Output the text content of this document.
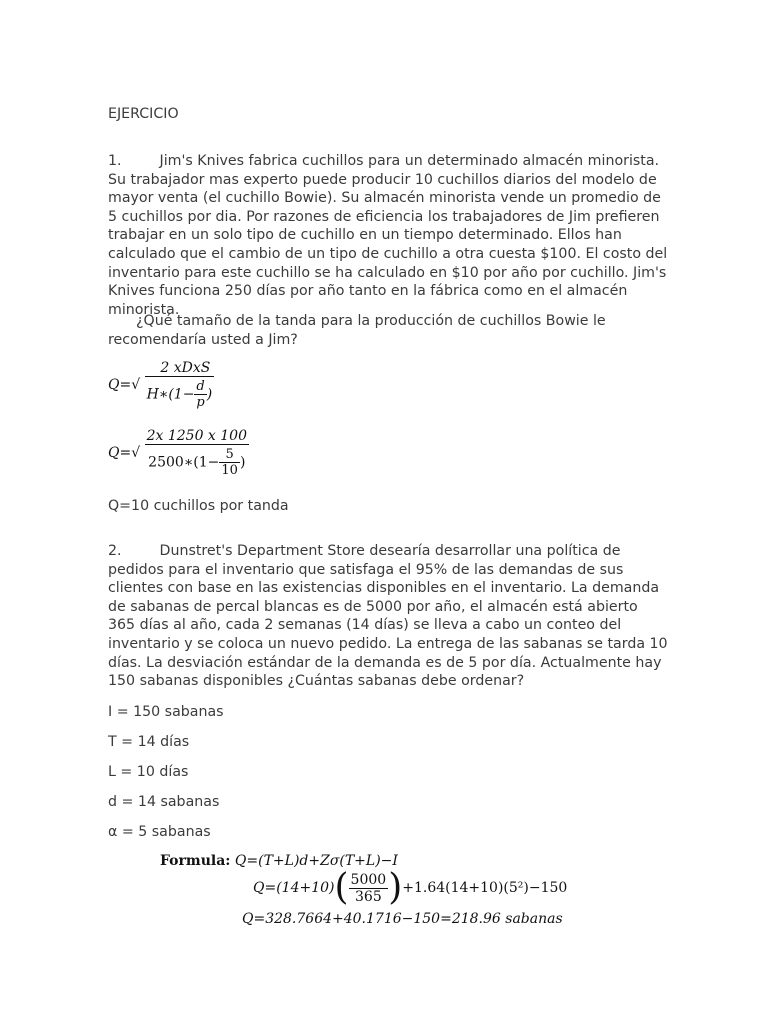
EJERCICIO
1.	Jim's Knives fabrica cuchillos para un determinado almacén minorista. Su trabajador mas experto puede producir 10 cuchillos diarios del modelo de mayor venta (el cuchillo Bowie). Su almacén minorista vende un promedio de 5 cuchillos por dia. Por razones de eficiencia los trabajadores de Jim prefieren trabajar en un solo tipo de cuchillo en un tiempo determinado. Ellos han calculado que el cambio de un tipo de cuchillo a otra cuesta $100. El costo del inventario para este cuchillo se ha calculado en $10 por año por cuchillo. Jim's Knives funciona 250 días por año tanto en la fábrica como en el almacén minorista.
¿Qué tamaño de la tanda para la producción de cuchillos Bowie le
recomendaría usted a Jim?
$Q=√ \frac{\text{2 xDxS}}{H∗(1- \frac{d}{p} )}$
$Q=√ \frac{2x 1250 x 100}{2500∗(1- \frac{5}{10} )}$
Q=10 cuchillos por tanda
2.	Dunstret's Department Store desearía desarrollar una política de pedidos para el inventario que satisfaga el 95% de las demandas de sus clientes con base en las existencias disponibles en el inventario. La demanda de sabanas de percal blancas es de 5000 por año, el almacén está abierto 365 días al año, cada 2 semanas (14 días) se lleva a cabo un conteo del inventario y se coloca un nuevo pedido. La entrega de las sabanas se tarda 10 días. La desviación estándar de la demanda es de 5 por día. Actualmente hay 150 sabanas disponibles ¿Cuántas sabanas debe ordenar?
I = 150 sabanas
T = 14 días
L = 10 días
d = 14 sabanas
α = 5 sabanas
Formula: Q=(T+L)d+Zσ(T+L)−I
$Q=(14+10)( \frac{5000}{365} )+1.64(14+10)(5^2)-150$
Q=328.7664+40.1716−150=218.96 sabanas
